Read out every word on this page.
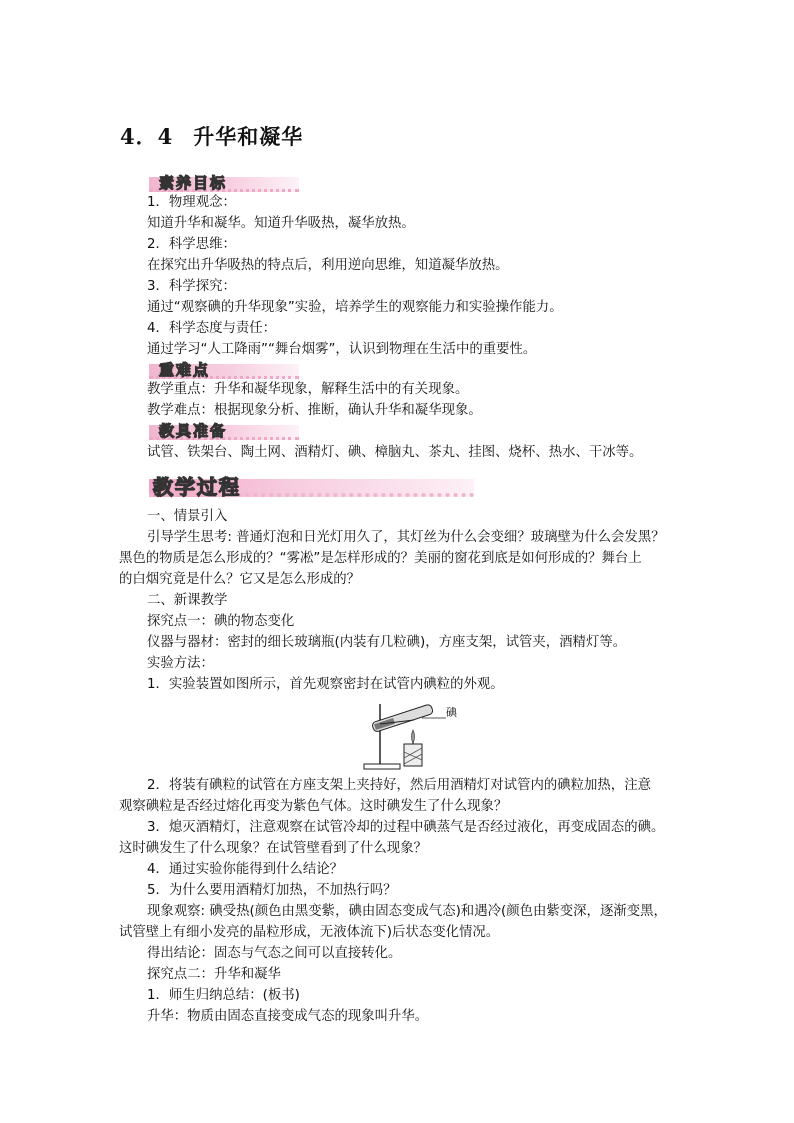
4．4 升华和凝华
素养目标
1．物理观念：
知道升华和凝华。知道升华吸热，凝华放热。
2．科学思维：
在探究出升华吸热的特点后，利用逆向思维，知道凝华放热。
3．科学探究：
通过“观察碘的升华现象”实验，培养学生的观察能力和实验操作能力。
4．科学态度与责任：
通过学习“人工降雨”“舞台烟雾”，认识到物理在生活中的重要性。
重难点
教学重点：升华和凝华现象，解释生活中的有关现象。
教学难点：根据现象分析、推断，确认升华和凝华现象。
教具准备
试管、铁架台、陶土网、酒精灯、碘、樟脑丸、茶丸、挂图、烧杯、热水、干冰等。
教学过程
一、情景引入
引导学生思考: 普通灯泡和日光灯用久了，其灯丝为什么会变细？玻璃壁为什么会发黑？
黑色的物质是怎么形成的？“雾凇”是怎样形成的？美丽的窗花到底是如何形成的？舞台上
的白烟究竟是什么？它又是怎么形成的？
二、新课教学
探究点一：碘的物态变化
仪器与器材：密封的细长玻璃瓶(内装有几粒碘)，方座支架，试管夹，酒精灯等。
实验方法：
1．实验装置如图所示，首先观察密封在试管内碘粒的外观。
碘
2．将装有碘粒的试管在方座支架上夹持好，然后用酒精灯对试管内的碘粒加热，注意
观察碘粒是否经过熔化再变为紫色气体。这时碘发生了什么现象？
3．熄灭酒精灯，注意观察在试管冷却的过程中碘蒸气是否经过液化，再变成固态的碘。
这时碘发生了什么现象？在试管壁看到了什么现象？
4．通过实验你能得到什么结论？
5．为什么要用酒精灯加热，不加热行吗？
现象观察: 碘受热(颜色由黑变紫，碘由固态变成气态)和遇冷(颜色由紫变深，逐渐变黑，
试管壁上有细小发亮的晶粒形成，无液体流下)后状态变化情况。
得出结论：固态与气态之间可以直接转化。
探究点二：升华和凝华
1．师生归纳总结：(板书)
升华：物质由固态直接变成气态的现象叫升华。
